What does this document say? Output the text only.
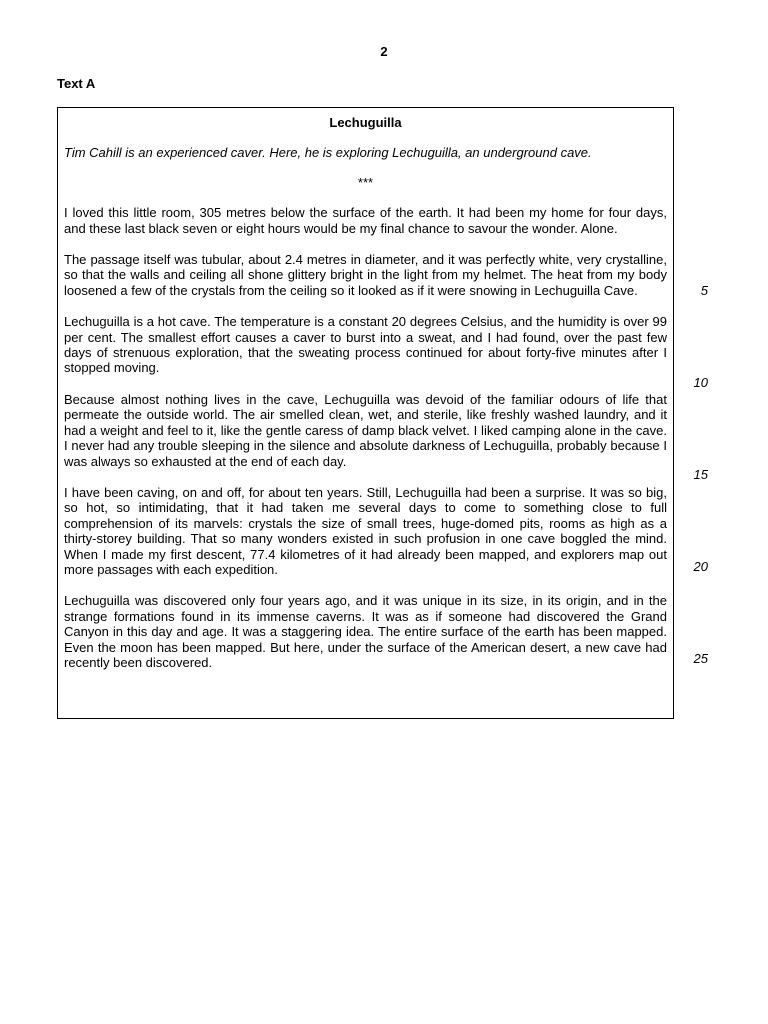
2
Text A

Lechuguilla

Tim Cahill is an experienced caver. Here, he is exploring Lechuguilla, an underground cave.

***

I loved this little room, 305 metres below the surface of the earth. It had been my home for four days, and these last black seven or eight hours would be my final chance to savour the wonder. Alone.

The passage itself was tubular, about 2.4 metres in diameter, and it was perfectly white, very crystalline, so that the walls and ceiling all shone glittery bright in the light from my helmet. The heat from my body loosened a few of the crystals from the ceiling so it looked as if it were snowing in Lechuguilla Cave.

Lechuguilla is a hot cave. The temperature is a constant 20 degrees Celsius, and the humidity is over 99 per cent. The smallest effort causes a caver to burst into a sweat, and I had found, over the past few days of strenuous exploration, that the sweating process continued for about forty-five minutes after I stopped moving.

Because almost nothing lives in the cave, Lechuguilla was devoid of the familiar odours of life that permeate the outside world. The air smelled clean, wet, and sterile, like freshly washed laundry, and it had a weight and feel to it, like the gentle caress of damp black velvet. I liked camping alone in the cave. I never had any trouble sleeping in the silence and absolute darkness of Lechuguilla, probably because I was always so exhausted at the end of each day.

I have been caving, on and off, for about ten years. Still, Lechuguilla had been a surprise. It was so big, so hot, so intimidating, that it had taken me several days to come to something close to full comprehension of its marvels: crystals the size of small trees, huge-domed pits, rooms as high as a thirty-storey building. That so many wonders existed in such profusion in one cave boggled the mind. When I made my first descent, 77.4 kilometres of it had already been mapped, and explorers map out more passages with each expedition.

Lechuguilla was discovered only four years ago, and it was unique in its size, in its origin, and in the strange formations found in its immense caverns. It was as if someone had discovered the Grand Canyon in this day and age. It was a staggering idea. The entire surface of the earth has been mapped. Even the moon has been mapped. But here, under the surface of the American desert, a new cave had recently been discovered.

5
10
15
20
25
